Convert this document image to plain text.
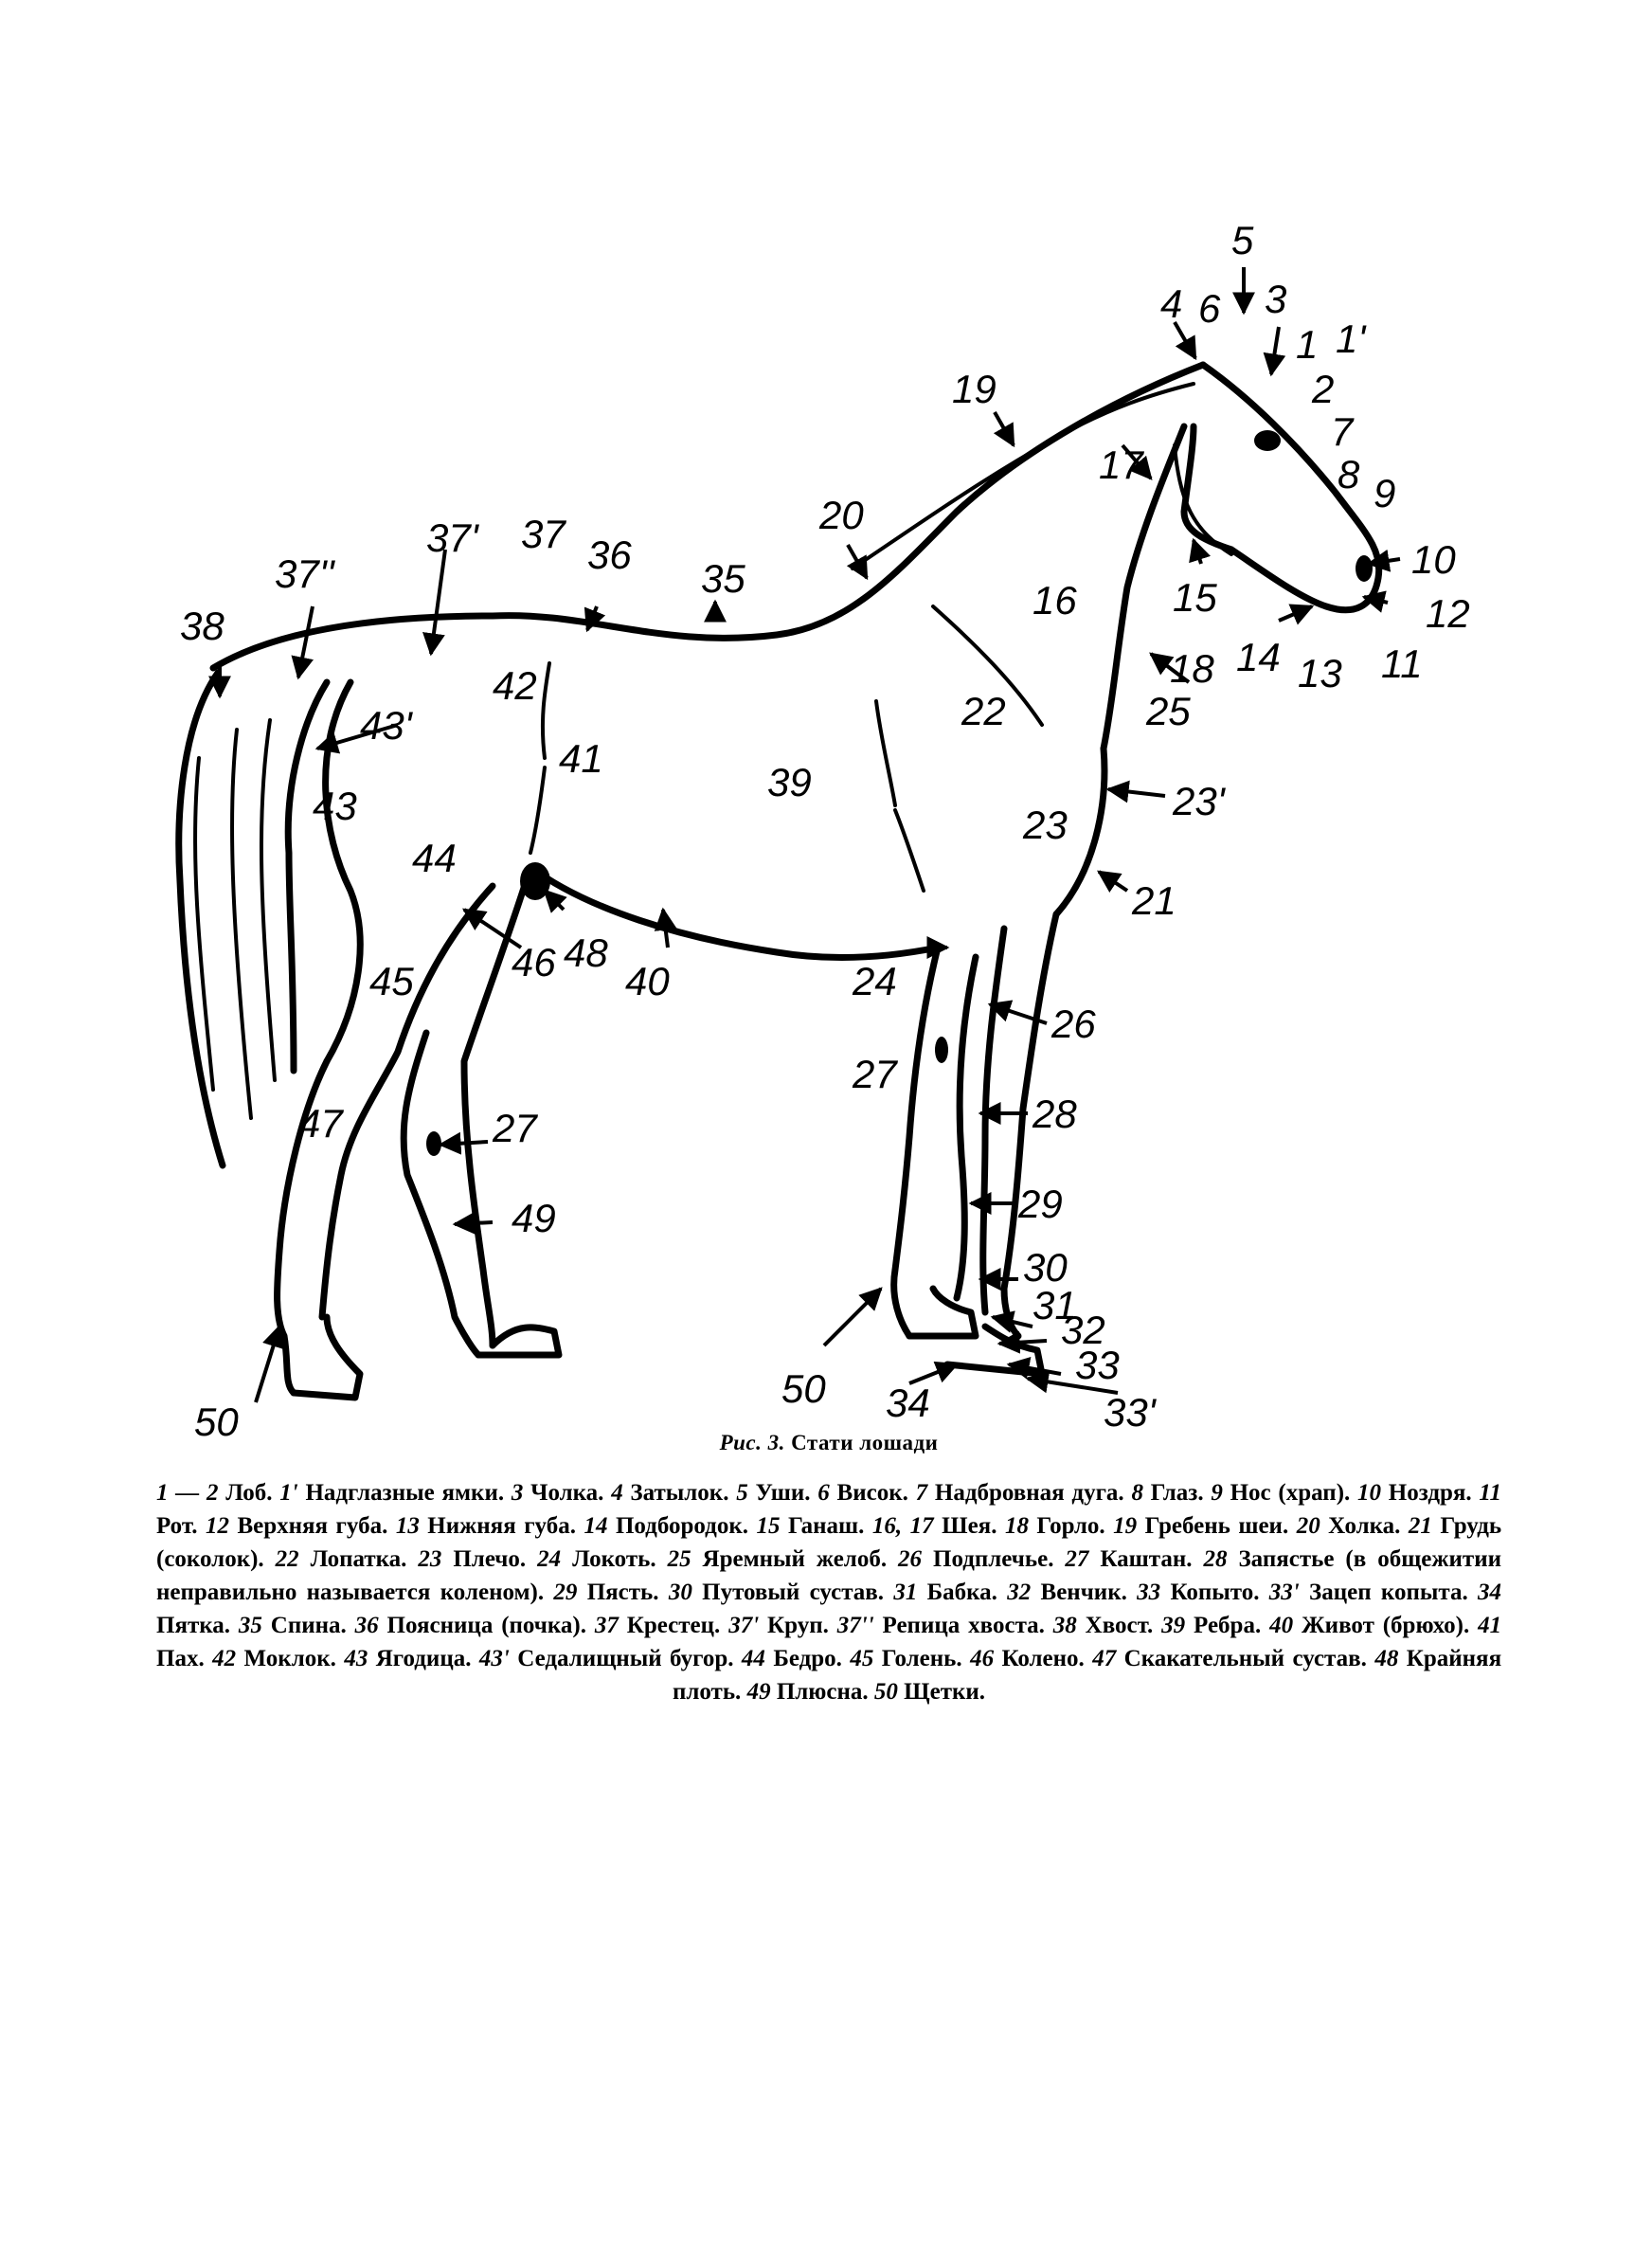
5
4 6 3
1 1'
2
7
8 9
10
11
12
13
14
15
16
17
18
19
20
21
22
23
23'
24
25
26
27
27	28
29
30
31
32
33
33'
34
35
36
37
37'
37''
38
39
40
41
42
43
43'
44
45 46
47
48
49
50
50

Рис. 3. Стати лошади

1 — 2 Лоб. 1' Надглазные ямки. 3 Чолка. 4 Затылок. 5 Уши. 6 Висок. 7 Надбровная дуга. 8 Глаз. 9 Нос (храп). 10 Ноздря. 11 Рот. 12 Верхняя губа. 13 Нижняя губа. 14 Подбородок. 15 Ганаш. 16, 17 Шея. 18 Горло. 19 Гребень шеи. 20 Холка. 21 Грудь (соколок). 22 Лопатка. 23 Плечо. 24 Локоть. 25 Яремный желоб. 26 Подплечье. 27 Каштан. 28 Запястье (в общежитии неправильно называется коленом). 29 Пясть. 30 Путовый сустав. 31 Бабка. 32 Венчик. 33 Копыто. 33' Зацеп копыта. 34 Пятка. 35 Спина. 36 Поясница (почка). 37 Крестец. 37' Круп. 37'' Репица хвоста. 38 Хвост. 39 Ребра. 40 Живот (брюхо). 41 Пах. 42 Моклок. 43 Ягодица. 43' Седалищный бугор. 44 Бедро. 45 Голень. 46 Колено. 47 Скакательный сустав. 48 Крайняя плоть. 49 Плюсна. 50 Щетки.
